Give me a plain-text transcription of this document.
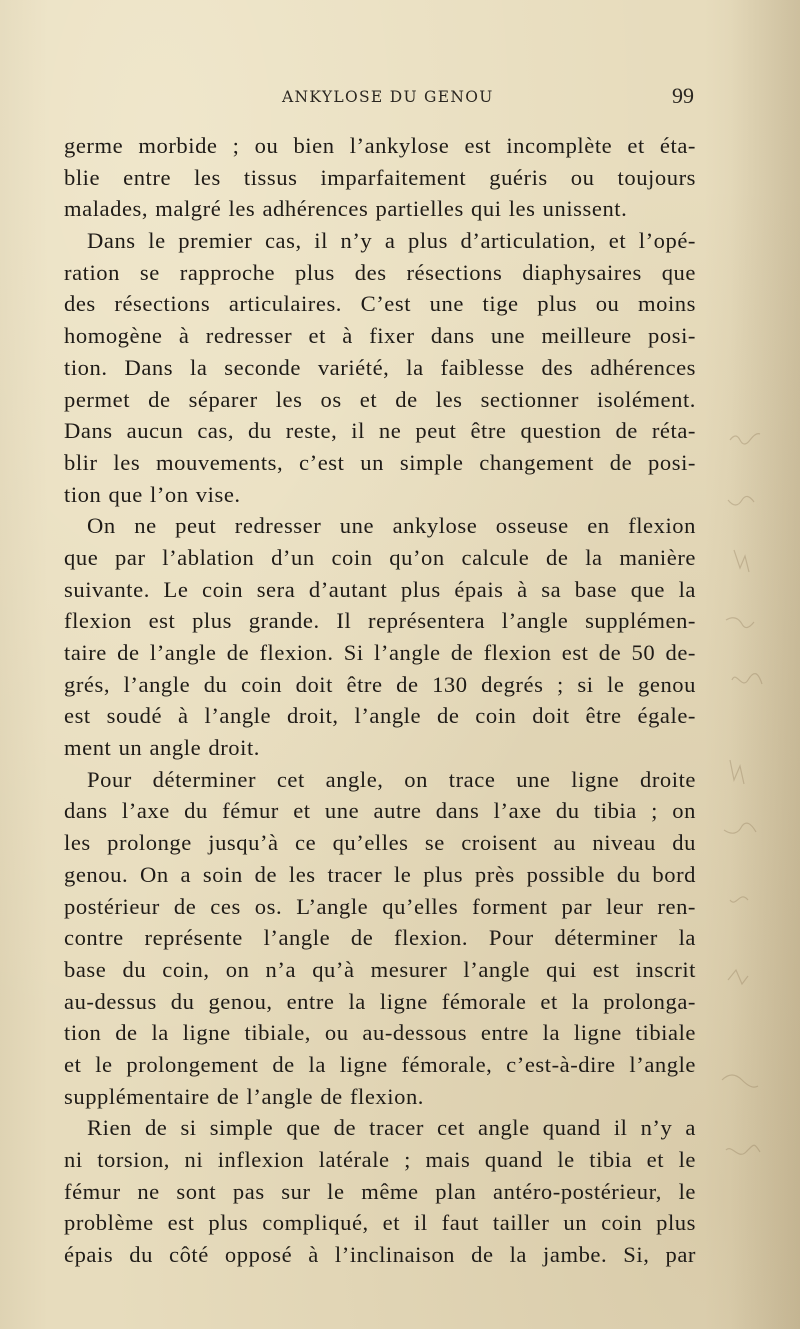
ANKYLOSE DU GENOU	99
germe morbide ; ou bien l’ankylose est incomplète et éta-
blie entre les tissus imparfaitement guéris ou toujours
malades, malgré les adhérences partielles qui les unissent.
Dans le premier cas, il n’y a plus d’articulation, et l’opé-
ration se rapproche plus des résections diaphysaires que
des résections articulaires. C’est une tige plus ou moins
homogène à redresser et à fixer dans une meilleure posi-
tion. Dans la seconde variété, la faiblesse des adhérences
permet de séparer les os et de les sectionner isolément.
Dans aucun cas, du reste, il ne peut être question de réta-
blir les mouvements, c’est un simple changement de posi-
tion que l’on vise.
On ne peut redresser une ankylose osseuse en flexion
que par l’ablation d’un coin qu’on calcule de la manière
suivante. Le coin sera d’autant plus épais à sa base que la
flexion est plus grande. Il représentera l’angle supplémen-
taire de l’angle de flexion. Si l’angle de flexion est de 50 de-
grés, l’angle du coin doit être de 130 degrés ; si le genou
est soudé à l’angle droit, l’angle de coin doit être égale-
ment un angle droit.
Pour déterminer cet angle, on trace une ligne droite
dans l’axe du fémur et une autre dans l’axe du tibia ; on
les prolonge jusqu’à ce qu’elles se croisent au niveau du
genou. On a soin de les tracer le plus près possible du bord
postérieur de ces os. L’angle qu’elles forment par leur ren-
contre représente l’angle de flexion. Pour déterminer la
base du coin, on n’a qu’à mesurer l’angle qui est inscrit
au-dessus du genou, entre la ligne fémorale et la prolonga-
tion de la ligne tibiale, ou au-dessous entre la ligne tibiale
et le prolongement de la ligne fémorale, c’est-à-dire l’angle
supplémentaire de l’angle de flexion.
Rien de si simple que de tracer cet angle quand il n’y a
ni torsion, ni inflexion latérale ; mais quand le tibia et le
fémur ne sont pas sur le même plan antéro-postérieur, le
problème est plus compliqué, et il faut tailler un coin plus
épais du côté opposé à l’inclinaison de la jambe. Si, par
